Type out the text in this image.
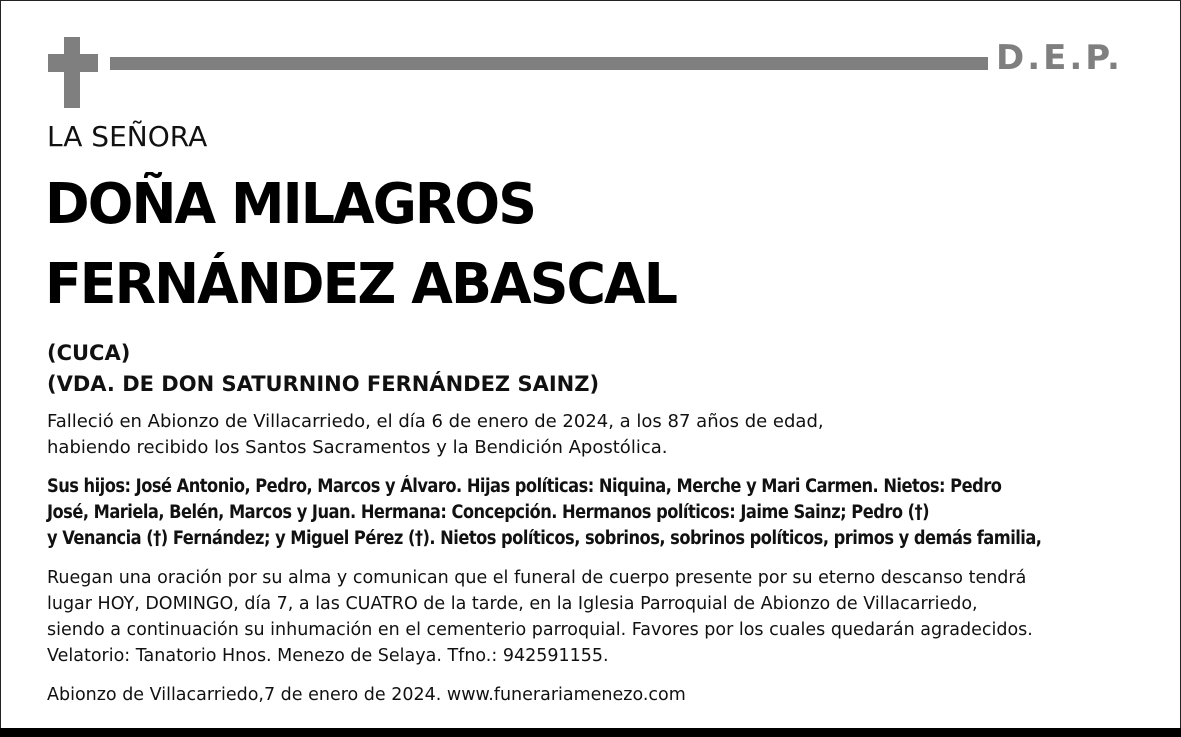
D.E.P.
LA SEÑORA
DOÑA MILAGROS
FERNÁNDEZ ABASCAL
(CUCA)
(VDA. DE DON SATURNINO FERNÁNDEZ SAINZ)
Falleció en Abionzo de Villacarriedo, el día 6 de enero de 2024, a los 87 años de edad,
habiendo recibido los Santos Sacramentos y la Bendición Apostólica.
Sus hijos: José Antonio, Pedro, Marcos y Álvaro. Hijas políticas: Niquina, Merche y Mari Carmen. Nietos: Pedro
José, Mariela, Belén, Marcos y Juan. Hermana: Concepción. Hermanos políticos: Jaime Sainz; Pedro (†)
y Venancia (†) Fernández; y Miguel Pérez (†). Nietos políticos, sobrinos, sobrinos políticos, primos y demás familia,
Ruegan una oración por su alma y comunican que el funeral de cuerpo presente por su eterno descanso tendrá
lugar HOY, DOMINGO, día 7, a las CUATRO de la tarde, en la Iglesia Parroquial de Abionzo de Villacarriedo,
siendo a continuación su inhumación en el cementerio parroquial. Favores por los cuales quedarán agradecidos.
Velatorio: Tanatorio Hnos. Menezo de Selaya. Tfno.: 942591155.
Abionzo de Villacarriedo,7 de enero de 2024. www.funerariamenezo.com
